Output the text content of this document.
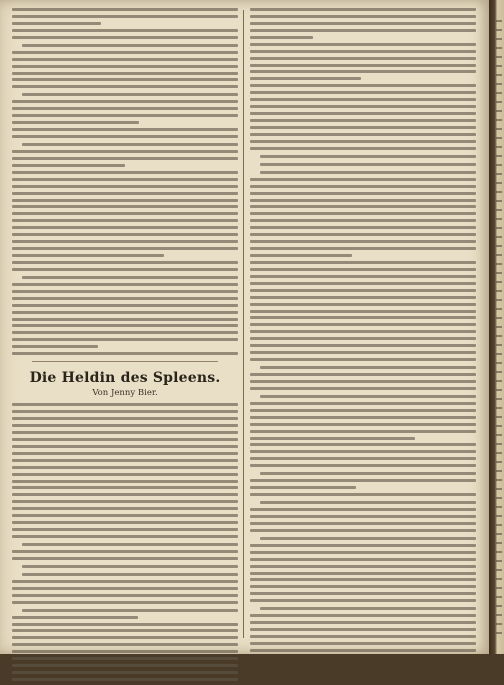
Die Heldin des Spleens.
Von Jenny Bier.
